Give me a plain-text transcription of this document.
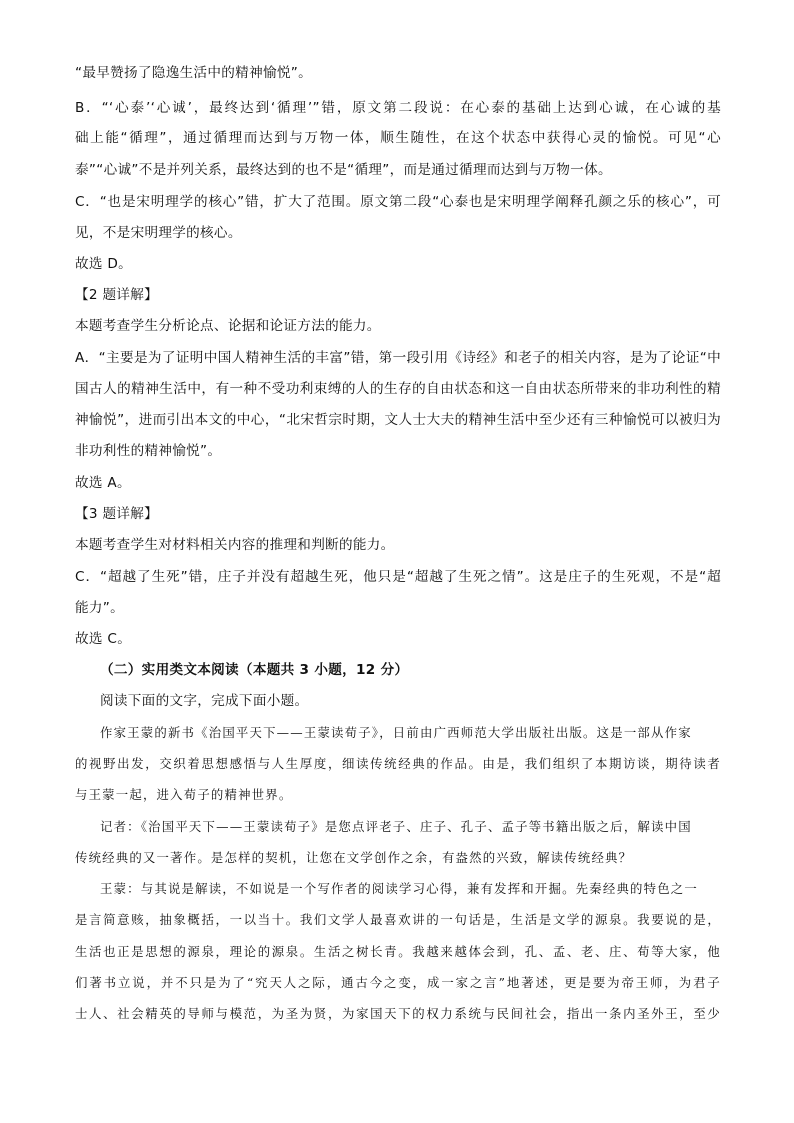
“最早赞扬了隐逸生活中的精神愉悦”。
B．“‘心泰’‘心诚’，最终达到‘循理’”错，原文第二段说：在心泰的基础上达到心诚，在心诚的基
础上能“循理”，通过循理而达到与万物一体，顺生随性，在这个状态中获得心灵的愉悦。可见“心
泰”“心诚”不是并列关系，最终达到的也不是“循理”，而是通过循理而达到与万物一体。
C．“也是宋明理学的核心”错，扩大了范围。原文第二段“心泰也是宋明理学阐释孔颜之乐的核心”，可
见，不是宋明理学的核心。
故选 D。
【2 题详解】
本题考查学生分析论点、论据和论证方法的能力。
A．“主要是为了证明中国人精神生活的丰富”错，第一段引用《诗经》和老子的相关内容，是为了论证“中
国古人的精神生活中，有一种不受功利束缚的人的生存的自由状态和这一自由状态所带来的非功利性的精
神愉悦”，进而引出本文的中心，“北宋哲宗时期，文人士大夫的精神生活中至少还有三种愉悦可以被归为
非功利性的精神愉悦”。
故选 A。
【3 题详解】
本题考查学生对材料相关内容的推理和判断的能力。
C．“超越了生死”错，庄子并没有超越生死，他只是“超越了生死之情”。这是庄子的生死观，不是“超
能力”。
故选 C。
（二）实用类文本阅读（本题共 3 小题，12 分）
阅读下面的文字，完成下面小题。
作家王蒙的新书《治国平天下——王蒙读荀子》，日前由广西师范大学出版社出版。这是一部从作家
的视野出发，交织着思想感悟与人生厚度，细读传统经典的作品。由是，我们组织了本期访谈，期待读者
与王蒙一起，进入荀子的精神世界。
记者：《治国平天下——王蒙读荀子》是您点评老子、庄子、孔子、孟子等书籍出版之后，解读中国
传统经典的又一著作。是怎样的契机，让您在文学创作之余，有盎然的兴致，解读传统经典？
王蒙：与其说是解读，不如说是一个写作者的阅读学习心得，兼有发挥和开掘。先秦经典的特色之一
是言简意赅，抽象概括，一以当十。我们文学人最喜欢讲的一句话是，生活是文学的源泉。我要说的是，
生活也正是思想的源泉，理论的源泉。生活之树长青。我越来越体会到，孔、孟、老、庄、荀等大家，他
们著书立说，并不只是为了“究天人之际，通古今之变，成一家之言”地著述，更是要为帝王师，为君子
士人、社会精英的导师与模范，为圣为贤，为家国天下的权力系统与民间社会，指出一条内圣外王，至少
